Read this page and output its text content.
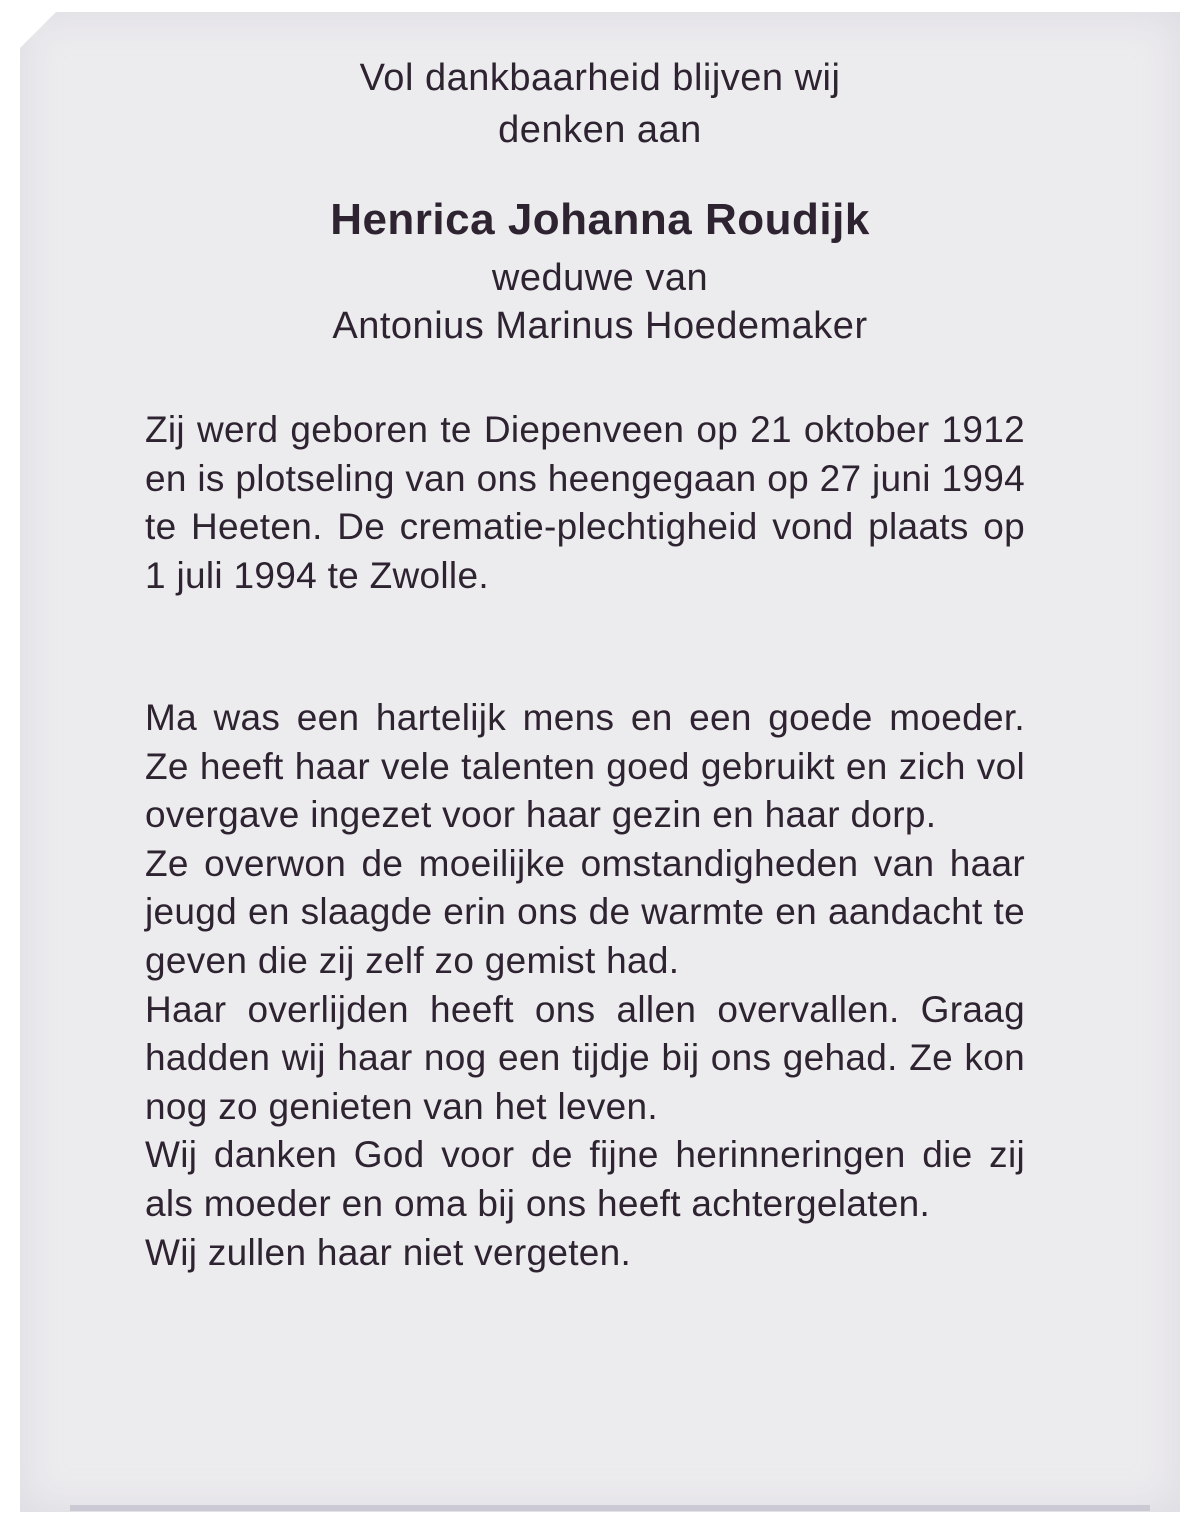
Vol dankbaarheid blijven wij
denken aan
Henrica Johanna Roudijk
weduwe van
Antonius Marinus Hoedemaker
Zij werd geboren te Diepenveen op 21 oktober 1912 en is plotseling van ons heengegaan op 27 juni 1994 te Heeten. De crematie-plechtigheid vond plaats op 1 juli 1994 te Zwolle.

Ma was een hartelijk mens en een goede moeder. Ze heeft haar vele talenten goed gebruikt en zich vol overgave ingezet voor haar gezin en haar dorp.

Ze overwon de moeilijke omstandigheden van haar jeugd en slaagde erin ons de warmte en aandacht te geven die zij zelf zo gemist had.

Haar overlijden heeft ons allen overvallen. Graag hadden wij haar nog een tijdje bij ons gehad. Ze kon nog zo genieten van het leven.

Wij danken God voor de fijne herinneringen die zij als moeder en oma bij ons heeft achtergelaten.

Wij zullen haar niet vergeten.
